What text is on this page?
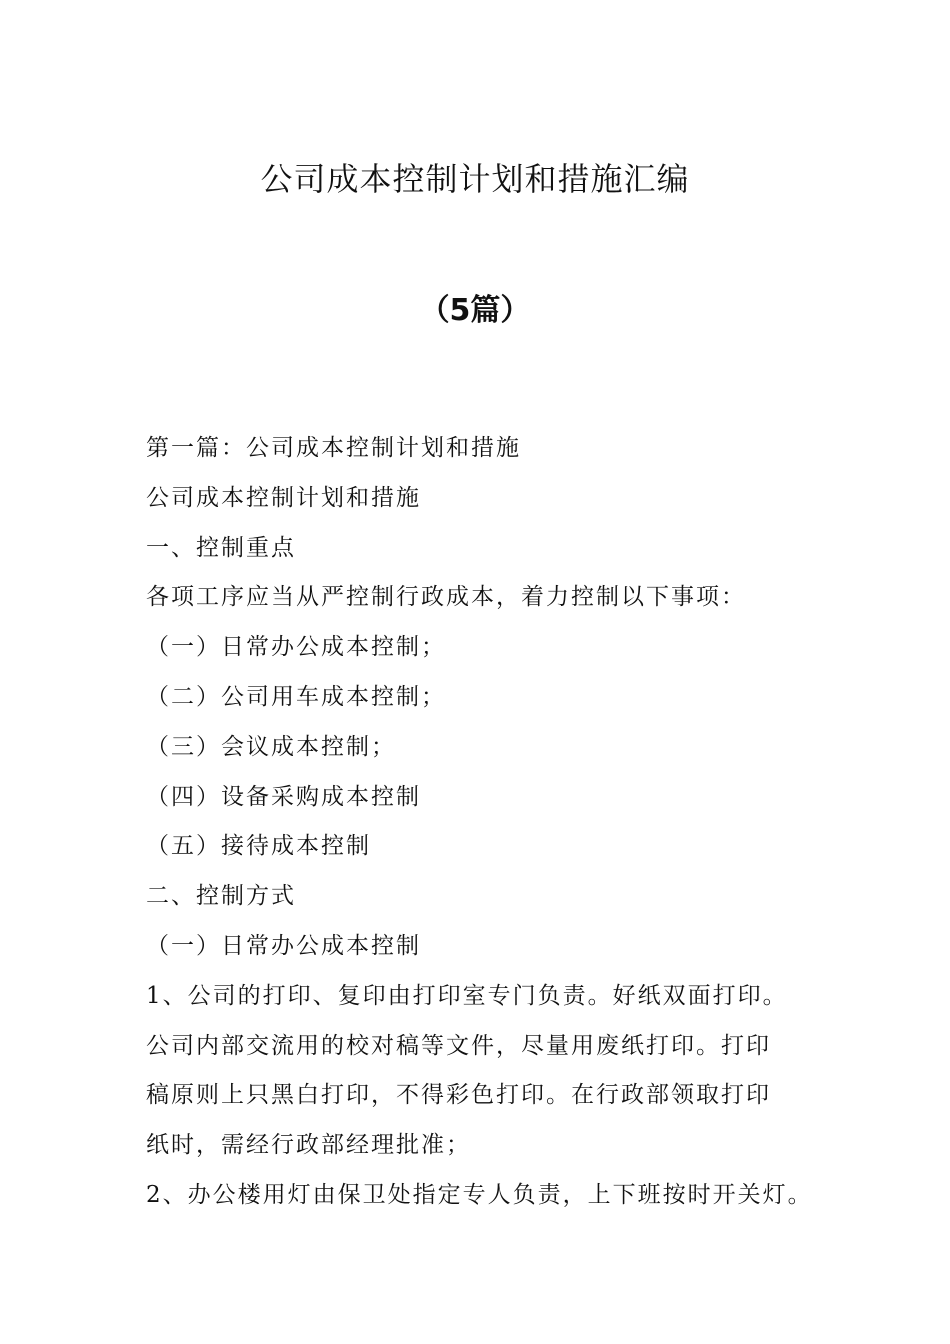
公司成本控制计划和措施汇编
（5篇）

第一篇：公司成本控制计划和措施

公司成本控制计划和措施

一、控制重点

各项工序应当从严控制行政成本，着力控制以下事项：

（一）日常办公成本控制；

（二）公司用车成本控制；

（三）会议成本控制；

（四）设备采购成本控制

（五）接待成本控制

二、控制方式

（一）日常办公成本控制

1、公司的打印、复印由打印室专门负责。好纸双面打印。

公司内部交流用的校对稿等文件，尽量用废纸打印。打印

稿原则上只黑白打印，不得彩色打印。在行政部领取打印

纸时，需经行政部经理批准；

2、办公楼用灯由保卫处指定专人负责，上下班按时开关灯。
